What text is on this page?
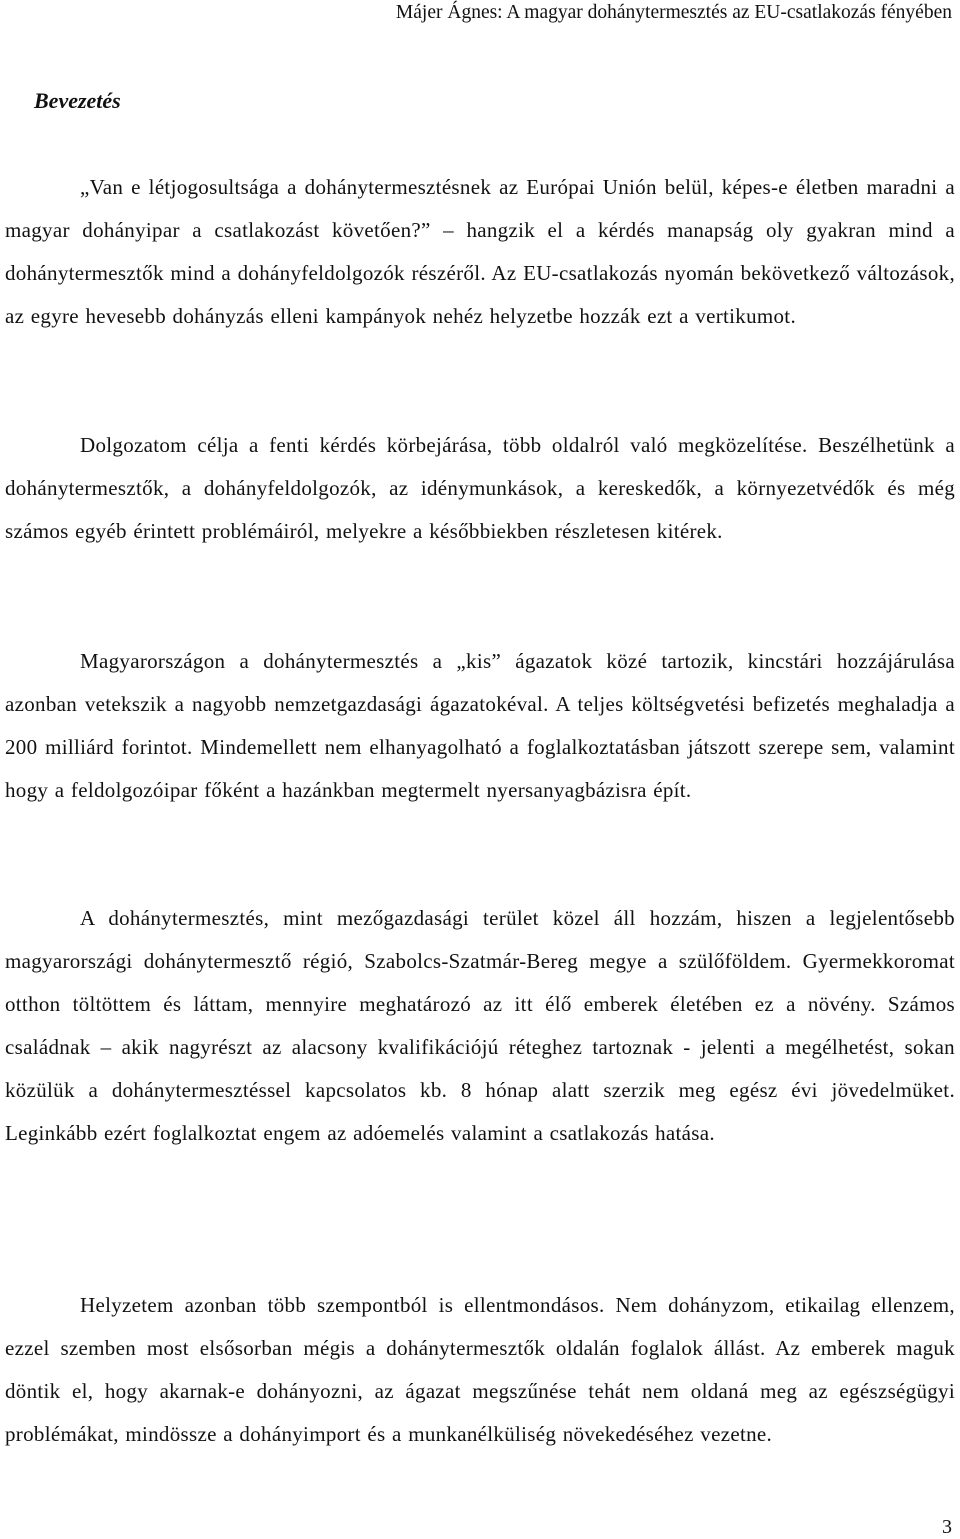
Májer Ágnes: A magyar dohánytermesztés az EU-csatlakozás fényében
Bevezetés

„Van e létjogosultsága a dohánytermesztésnek az Európai Unión belül, képes-e életben maradni a magyar dohányipar a csatlakozást követően?” – hangzik el a kérdés manapság oly gyakran mind a dohánytermesztők mind a dohányfeldolgozók részéről. Az EU-csatlakozás nyomán bekövetkező változások, az egyre hevesebb dohányzás elleni kampányok nehéz helyzetbe hozzák ezt a vertikumot.

Dolgozatom célja a fenti kérdés körbejárása, több oldalról való megközelítése. Beszélhetünk a dohánytermesztők, a dohányfeldolgozók, az idénymunkások, a kereskedők, a környezetvédők és még számos egyéb érintett problémáiról, melyekre a későbbiekben részletesen kitérek.

Magyarországon a dohánytermesztés a „kis” ágazatok közé tartozik, kincstári hozzájárulása azonban vetekszik a nagyobb nemzetgazdasági ágazatokéval. A teljes költségvetési befizetés meghaladja a 200 milliárd forintot. Mindemellett nem elhanyagolható a foglalkoztatásban játszott szerepe sem, valamint hogy a feldolgozóipar főként a hazánkban megtermelt nyersanyagbázisra épít.

A dohánytermesztés, mint mezőgazdasági terület közel áll hozzám, hiszen a legjelentősebb magyarországi dohánytermesztő régió, Szabolcs-Szatmár-Bereg megye a szülőföldem. Gyermekkoromat otthon töltöttem és láttam, mennyire meghatározó az itt élő emberek életében ez a növény. Számos családnak – akik nagyrészt az alacsony kvalifikációjú réteghez tartoznak - jelenti a megélhetést, sokan közülük a dohánytermesztéssel kapcsolatos kb. 8 hónap alatt szerzik meg egész évi jövedelmüket. Leginkább ezért foglalkoztat engem az adóemelés valamint a csatlakozás hatása.

Helyzetem azonban több szempontból is ellentmondásos. Nem dohányzom, etikailag ellenzem, ezzel szemben most elsősorban mégis a dohánytermesztők oldalán foglalok állást. Az emberek maguk döntik el, hogy akarnak-e dohányozni, az ágazat megszűnése tehát nem oldaná meg az egészségügyi problémákat, mindössze a dohányimport és a munkanélküliség növekedéséhez vezetne.

3
